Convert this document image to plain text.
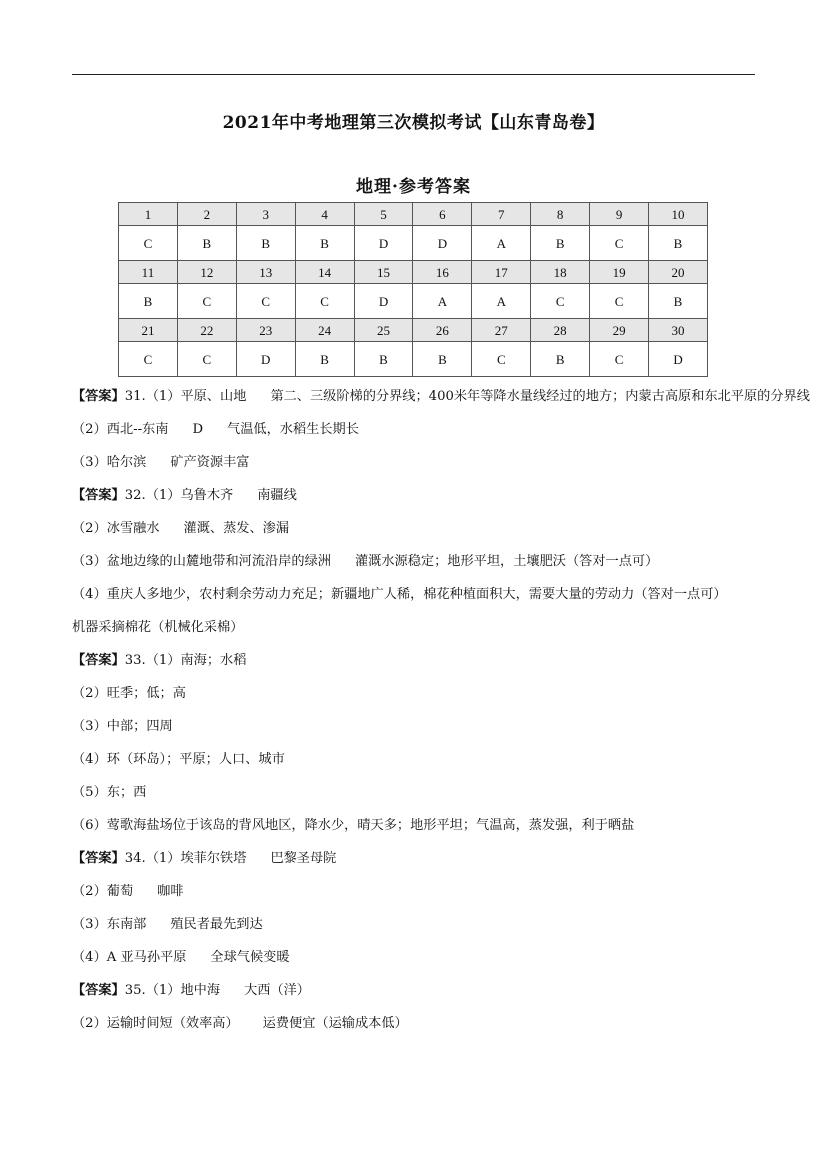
2021年中考地理第三次模拟考试【山东青岛卷】
地理·参考答案
1	2	3	4	5	6	7	8	9	10
C	B	B	B	D	D	A	B	C	B
11	12	13	14	15	16	17	18	19	20
B	C	C	C	D	A	A	C	C	B
21	22	23	24	25	26	27	28	29	30
C	C	D	B	B	B	C	B	C	D
【答案】31.（1）平原、山地 第二、三级阶梯的分界线；400米年等降水量线经过的地方；内蒙古高原和东北平原的分界线
（2）西北--东南 D 气温低，水稻生长期长
（3）哈尔滨 矿产资源丰富
【答案】32.（1）乌鲁木齐 南疆线
（2）冰雪融水 灌溉、蒸发、渗漏
（3）盆地边缘的山麓地带和河流沿岸的绿洲 灌溉水源稳定；地形平坦，土壤肥沃（答对一点可）
（4）重庆人多地少，农村剩余劳动力充足；新疆地广人稀，棉花种植面积大，需要大量的劳动力（答对一点可）机器采摘棉花（机械化采棉）
【答案】33.（1）南海；水稻
（2）旺季；低；高
（3）中部；四周
（4）环（环岛）；平原；人口、城市
（5）东；西
（6）莺歌海盐场位于该岛的背风地区，降水少，晴天多；地形平坦；气温高，蒸发强，利于晒盐
【答案】34.（1）埃菲尔铁塔 巴黎圣母院
（2）葡萄 咖啡
（3）东南部 殖民者最先到达
（4）A 亚马孙平原 全球气候变暖
【答案】35.（1）地中海 大西（洋）
（2）运输时间短（效率高） 运费便宜（运输成本低）
